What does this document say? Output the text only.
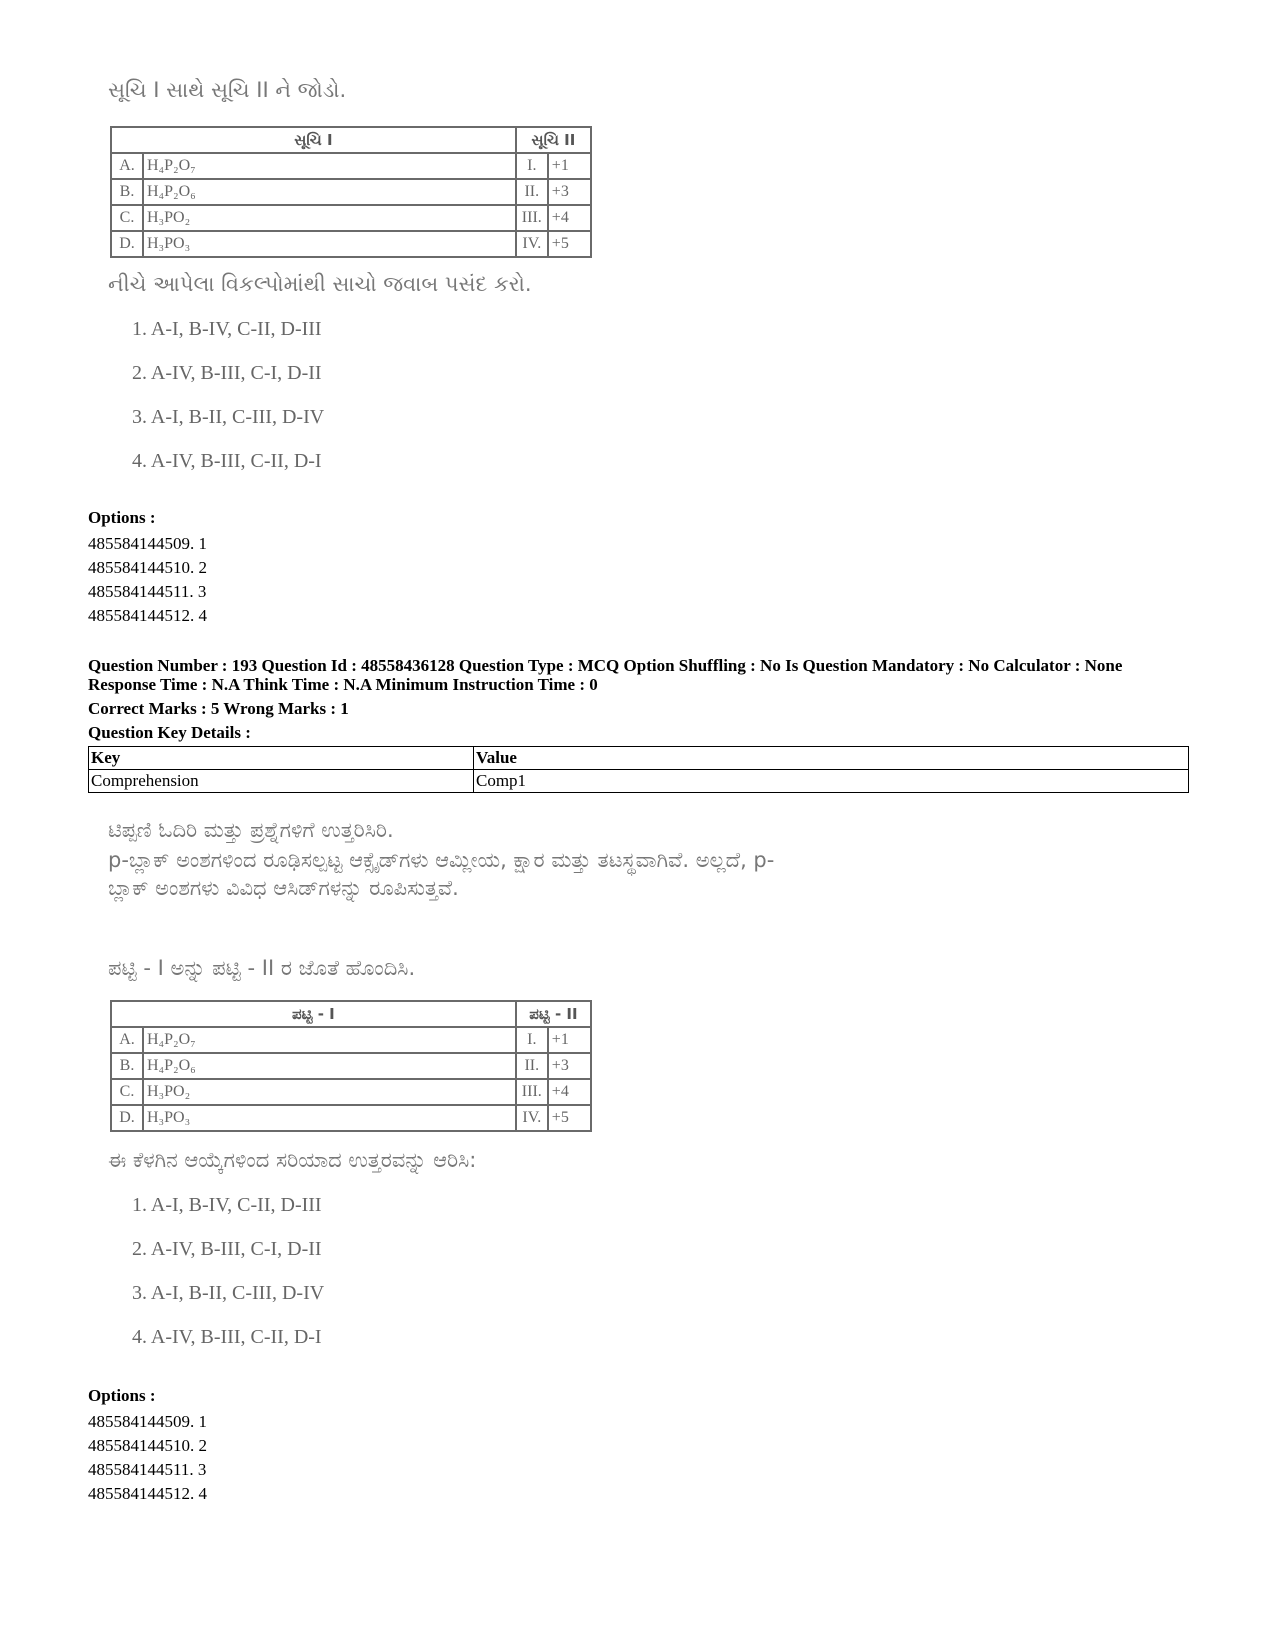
સૂચિ I સાથે સૂચિ II ને જોડો.
સૂચિ I		સૂચિ II	
A.	H₄P₂O₇	I.	+1
B.	H₄P₂O₆	II.	+3
C.	H₃PO₂	III.	+4
D.	H₃PO₃	IV.	+5
નીચે આપેલા વિકલ્પોમાંથી સાચો જવાબ પસંદ કરો.
1. A-I, B-IV, C-II, D-III
2. A-IV, B-III, C-I, D-II
3. A-I, B-II, C-III, D-IV
4. A-IV, B-III, C-II, D-I
Options :
485584144509. 1
485584144510. 2
485584144511. 3
485584144512. 4
Question Number : 193 Question Id : 48558436128 Question Type : MCQ Option Shuffling : No Is Question Mandatory : No Calculator : None
Response Time : N.A Think Time : N.A Minimum Instruction Time : 0
Correct Marks : 5 Wrong Marks : 1
Question Key Details :
Key	Value
Comprehension	Comp1
ಟಿಪ್ಪಣಿ ಓದಿರಿ ಮತ್ತು ಪ್ರಶ್ನೆಗಳಿಗೆ ಉತ್ತರಿಸಿರಿ.
p-ಬ್ಲಾಕ್ ಅಂಶಗಳಿಂದ ರೂಢಿಸಲ್ಪಟ್ಟ ಆಕ್ಸೈಡ್‌ಗಳು ಆಮ್ಲೀಯ, ಕ್ಷಾರ ಮತ್ತು ತಟಸ್ಥವಾಗಿವೆ. ಅಲ್ಲದೆ, p-
ಬ್ಲಾಕ್ ಅಂಶಗಳು ವಿವಿಧ ಆಸಿಡ್‌ಗಳನ್ನು ರೂಪಿಸುತ್ತವೆ.
ಪಟ್ಟಿ - I ಅನ್ನು ಪಟ್ಟಿ - II ರ ಜೊತೆ ಹೊಂದಿಸಿ.
ಪಟ್ಟಿ - I		ಪಟ್ಟಿ - II	
A.	H₄P₂O₇	I.	+1
B.	H₄P₂O₆	II.	+3
C.	H₃PO₂	III.	+4
D.	H₃PO₃	IV.	+5
ಈ ಕೆಳಗಿನ ಆಯ್ಕೆಗಳಿಂದ ಸರಿಯಾದ ಉತ್ತರವನ್ನು ಆರಿಸಿ:
1. A-I, B-IV, C-II, D-III
2. A-IV, B-III, C-I, D-II
3. A-I, B-II, C-III, D-IV
4. A-IV, B-III, C-II, D-I
Options :
485584144509. 1
485584144510. 2
485584144511. 3
485584144512. 4
